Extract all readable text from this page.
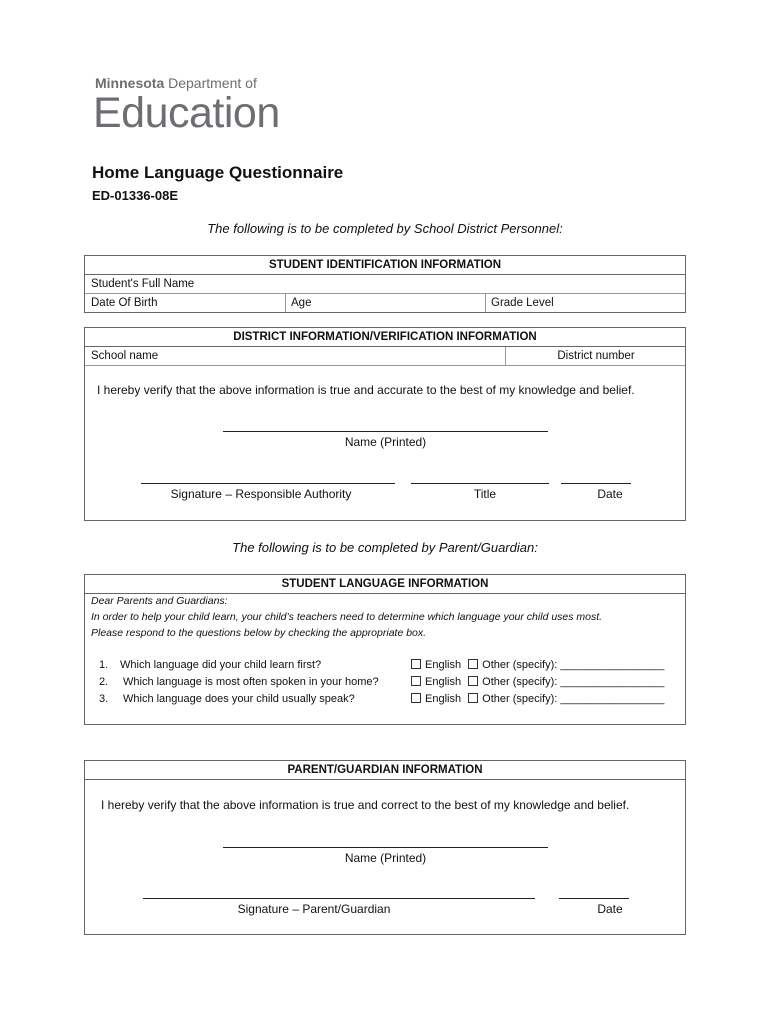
Minnesota Department of
Education
Home Language Questionnaire
ED-01336-08E
The following is to be completed by School District Personnel:
STUDENT IDENTIFICATION INFORMATION
Student's Full Name
Date Of Birth	Age	Grade Level
DISTRICT INFORMATION/VERIFICATION INFORMATION
School name	District number
I hereby verify that the above information is true and accurate to the best of my knowledge and belief.
Name (Printed)
Signature – Responsible Authority	Title	Date
The following is to be completed by Parent/Guardian:
STUDENT LANGUAGE INFORMATION
Dear Parents and Guardians:
In order to help your child learn, your child’s teachers need to determine which language your child uses most.
Please respond to the questions below by checking the appropriate box.
1. Which language did your child learn first?	English Other (specify): _________________
2. Which language is most often spoken in your home?	English Other (specify): _________________
3. Which language does your child usually speak?	English Other (specify): _________________
PARENT/GUARDIAN INFORMATION
I hereby verify that the above information is true and correct to the best of my knowledge and belief.
Name (Printed)
Signature – Parent/Guardian	Date
